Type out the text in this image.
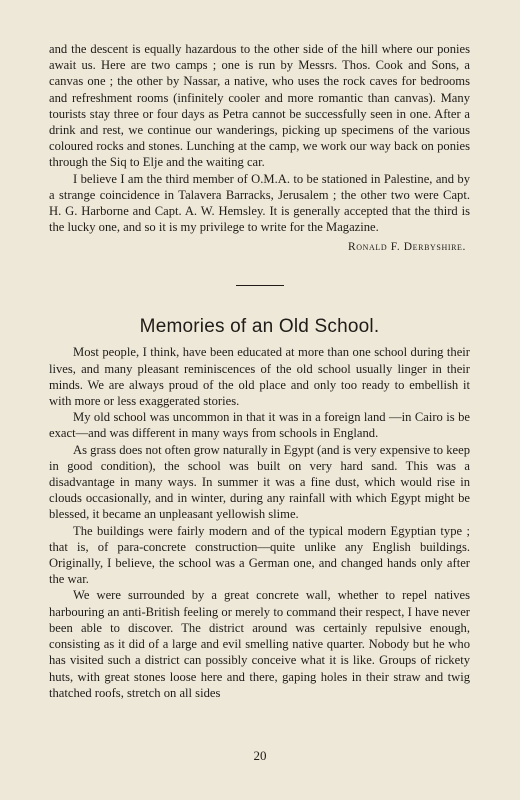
and the descent is equally hazardous to the other side of the hill where our ponies await us. Here are two camps ; one is run by Messrs. Thos. Cook and Sons, a canvas one ; the other by Nassar, a native, who uses the rock caves for bedrooms and refreshment rooms (infinitely cooler and more romantic than canvas). Many tourists stay three or four days as Petra cannot be successfully seen in one. After a drink and rest, we continue our wanderings, picking up specimens of the various coloured rocks and stones. Lunching at the camp, we work our way back on ponies through the Siq to Elje and the waiting car.

I believe I am the third member of O.M.A. to be stationed in Palestine, and by a strange coincidence in Talavera Barracks, Jerusalem ; the other two were Capt. H. G. Harborne and Capt. A. W. Hemsley. It is generally accepted that the third is the lucky one, and so it is my privilege to write for the Magazine.

Ronald F. Derbyshire.
Memories of an Old School.

Most people, I think, have been educated at more than one school during their lives, and many pleasant reminiscences of the old school usually linger in their minds. We are always proud of the old place and only too ready to embellish it with more or less exaggerated stories.

My old school was uncommon in that it was in a foreign land —in Cairo is be exact—and was different in many ways from schools in England.

As grass does not often grow naturally in Egypt (and is very expensive to keep in good condition), the school was built on very hard sand. This was a disadvantage in many ways. In summer it was a fine dust, which would rise in clouds occasionally, and in winter, during any rainfall with which Egypt might be blessed, it became an unpleasant yellowish slime.

The buildings were fairly modern and of the typical modern Egyptian type ; that is, of para-concrete construction—quite unlike any English buildings. Originally, I believe, the school was a German one, and changed hands only after the war.

We were surrounded by a great concrete wall, whether to repel natives harbouring an anti-British feeling or merely to command their respect, I have never been able to discover. The district around was certainly repulsive enough, consisting as it did of a large and evil smelling native quarter. Nobody but he who has visited such a district can possibly conceive what it is like. Groups of rickety huts, with great stones loose here and there, gaping holes in their straw and twig thatched roofs, stretch on all sides

20
